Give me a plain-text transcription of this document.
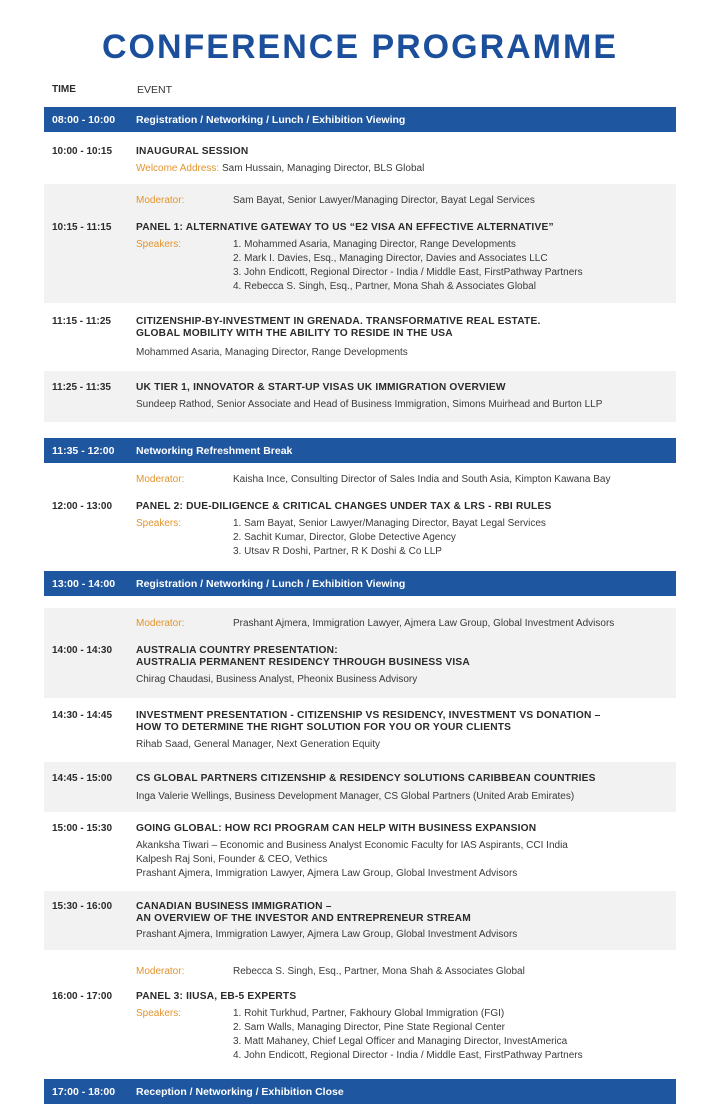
CONFERENCE PROGRAMME
TIME	EVENT
08:00 - 10:00 Registration / Networking / Lunch / Exhibition Viewing
10:00 - 10:15 INAUGURAL SESSION
Welcome Address: Sam Hussain, Managing Director, BLS Global
Moderator:	Sam Bayat, Senior Lawyer/Managing Director, Bayat Legal Services
10:15 - 11:15 PANEL 1: ALTERNATIVE GATEWAY TO US “E2 VISA AN EFFECTIVE ALTERNATIVE”
Speakers:	1. Mohammed Asaria, Managing Director, Range Developments
2. Mark I. Davies, Esq., Managing Director, Davies and Associates LLC
3. John Endicott, Regional Director - India / Middle East, FirstPathway Partners
4. Rebecca S. Singh, Esq., Partner, Mona Shah & Associates Global
11:15 - 11:25 CITIZENSHIP-BY-INVESTMENT IN GRENADA. TRANSFORMATIVE REAL ESTATE.
GLOBAL MOBILITY WITH THE ABILITY TO RESIDE IN THE USA
Mohammed Asaria, Managing Director, Range Developments
11:25 - 11:35 UK TIER 1, INNOVATOR & START-UP VISAS UK IMMIGRATION OVERVIEW
Sundeep Rathod, Senior Associate and Head of Business Immigration, Simons Muirhead and Burton LLP
11:35 - 12:00 Networking Refreshment Break
Moderator:	Kaisha Ince, Consulting Director of Sales India and South Asia, Kimpton Kawana Bay
12:00 - 13:00 PANEL 2: DUE-DILIGENCE & CRITICAL CHANGES UNDER TAX & LRS - RBI RULES
Speakers:	1. Sam Bayat, Senior Lawyer/Managing Director, Bayat Legal Services
2. Sachit Kumar, Director, Globe Detective Agency
3. Utsav R Doshi, Partner, R K Doshi & Co LLP
13:00 - 14:00 Registration / Networking / Lunch / Exhibition Viewing
Moderator:	Prashant Ajmera, Immigration Lawyer, Ajmera Law Group, Global Investment Advisors
14:00 - 14:30 AUSTRALIA COUNTRY PRESENTATION:
AUSTRALIA PERMANENT RESIDENCY THROUGH BUSINESS VISA
Chirag Chaudasi, Business Analyst, Pheonix Business Advisory
14:30 - 14:45 INVESTMENT PRESENTATION - CITIZENSHIP VS RESIDENCY, INVESTMENT VS DONATION –
HOW TO DETERMINE THE RIGHT SOLUTION FOR YOU OR YOUR CLIENTS
Rihab Saad, General Manager, Next Generation Equity
14:45 - 15:00 CS GLOBAL PARTNERS CITIZENSHIP & RESIDENCY SOLUTIONS CARIBBEAN COUNTRIES
Inga Valerie Wellings, Business Development Manager, CS Global Partners (United Arab Emirates)
15:00 - 15:30 GOING GLOBAL: HOW RCI PROGRAM CAN HELP WITH BUSINESS EXPANSION
Akanksha Tiwari – Economic and Business Analyst Economic Faculty for IAS Aspirants, CCI India
Kalpesh Raj Soni, Founder & CEO, Vethics
Prashant Ajmera, Immigration Lawyer, Ajmera Law Group, Global Investment Advisors
15:30 - 16:00 CANADIAN BUSINESS IMMIGRATION –
AN OVERVIEW OF THE INVESTOR AND ENTREPRENEUR STREAM
Prashant Ajmera, Immigration Lawyer, Ajmera Law Group, Global Investment Advisors
Moderator:	Rebecca S. Singh, Esq., Partner, Mona Shah & Associates Global
16:00 - 17:00 PANEL 3: IIUSA, EB-5 EXPERTS
Speakers:	1. Rohit Turkhud, Partner, Fakhoury Global Immigration (FGI)
2. Sam Walls, Managing Director, Pine State Regional Center
3. Matt Mahaney, Chief Legal Officer and Managing Director, InvestAmerica
4. John Endicott, Regional Director - India / Middle East, FirstPathway Partners
17:00 - 18:00 Reception / Networking / Exhibition Close
